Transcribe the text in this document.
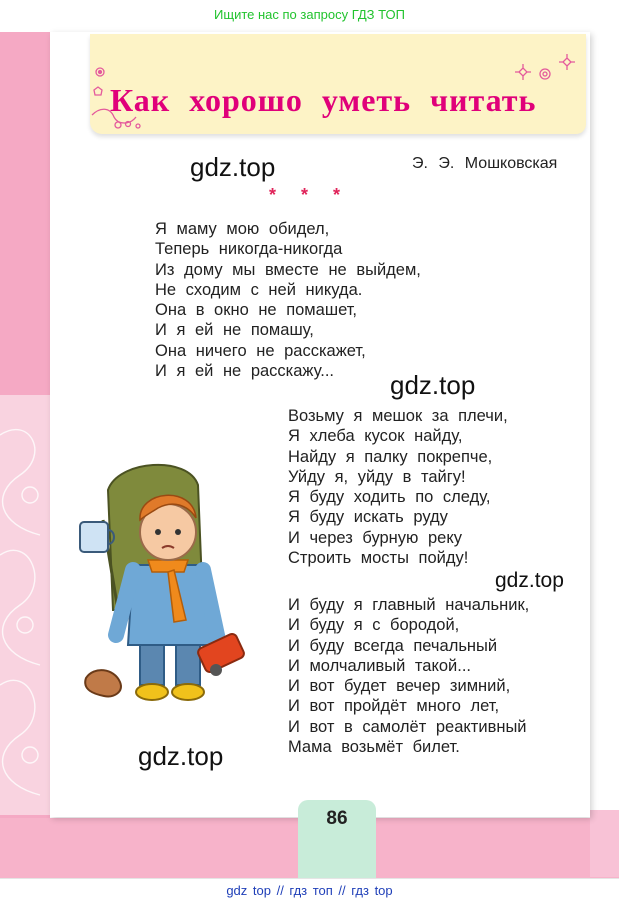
Ищите нас по запросу ГДЗ ТОП
Как хорошо уметь читать
gdz.top	Э. Э. Мошковская
* * *
Я маму мою обидел,
Теперь никогда-никогда
Из дому мы вместе не выйдем,
Не сходим с ней никуда.
Она в окно не помашет,
И я ей не помашу,
Она ничего не расскажет,
И я ей не расскажу...	gdz.top
Возьму я мешок за плечи,
Я хлеба кусок найду,
Найду я палку покрепче,
Уйду я, уйду в тайгу!
Я буду ходить по следу,
Я буду искать руду
И через бурную реку
Строить мосты пойду!
gdz.top
И буду я главный начальник,
И буду я с бородой,
И буду всегда печальный
И молчаливый такой...
И вот будет вечер зимний,
И вот пройдёт много лет,
И вот в самолёт реактивный
Мама возьмёт билет.
gdz.top
86
gdz top // гдз топ // гдз top
